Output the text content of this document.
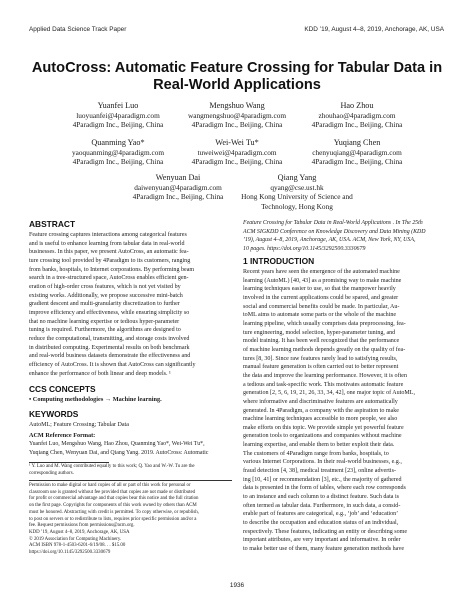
Applied Data Science Track Paper	KDD ’19, August 4–8, 2019, Anchorage, AK, USA
AutoCross: Automatic Feature Crossing for Tabular Data in
Real-World Applications
Yuanfei Luo
luoyuanfei@4paradigm.com
4Paradigm Inc., Beijing, China
Mengshuo Wang
wangmengshuo@4paradigm.com
4Paradigm Inc., Beijing, China
Hao Zhou
zhouhao@4paradigm.com
4Paradigm Inc., Beijing, China
Quanming Yao*
yaoquanming@4paradigm.com
4Paradigm Inc., Beijing, China
Wei-Wei Tu*
tuweiwei@4paradigm.com
4Paradigm Inc., Beijing, China
Yuqiang Chen
chenyuqiang@4paradigm.com
4Paradigm Inc., Beijing, China
Wenyuan Dai
daiwenyuan@4paradigm.com
4Paradigm Inc., Beijing, China
Qiang Yang
qyang@cse.ust.hk
Hong Kong University of Science and
Technology, Hong Kong
ABSTRACT
Feature crossing captures interactions among categorical features
and is useful to enhance learning from tabular data in real-world
businesses. In this paper, we present AutoCross, an automatic fea-
ture crossing tool provided by 4Paradigm to its customers, ranging
from banks, hospitals, to Internet corporations. By performing beam
search in a tree-structured space, AutoCross enables efficient gen-
eration of high-order cross features, which is not yet visited by
existing works. Additionally, we propose successive mini-batch
gradient descent and multi-granularity discretization to further
improve efficiency and effectiveness, while ensuring simplicity so
that no machine learning expertise or tedious hyper-parameter
tuning is required. Furthermore, the algorithms are designed to
reduce the computational, transmitting, and storage costs involved
in distributed computing. Experimental results on both benchmark
and real-world business datasets demonstrate the effectiveness and
efficiency of AutoCross. It is shown that AutoCross can significantly
enhance the performance of both linear and deep models. ¹
CCS CONCEPTS
• Computing methodologies → Machine learning.
KEYWORDS
AutoML; Feature Crossing; Tabular Data
ACM Reference Format:
Yuanfei Luo, Mengshuo Wang, Hao Zhou, Quanming Yao*, Wei-Wei Tu*,
Yuqiang Chen, Wenyuan Dai, and Qiang Yang. 2019. AutoCross: Automatic
¹ Y. Luo and M. Wang contributed equally to this work; Q. Yao and W.-W. Tu are the
corresponding authors.
Permission to make digital or hard copies of all or part of this work for personal or
classroom use is granted without fee provided that copies are not made or distributed
for profit or commercial advantage and that copies bear this notice and the full citation
on the first page. Copyrights for components of this work owned by others than ACM
must be honored. Abstracting with credit is permitted. To copy otherwise, or republish,
to post on servers or to redistribute to lists, requires prior specific permission and/or a
fee. Request permissions from permissions@acm.org.
KDD ’19, August 4–8, 2019, Anchorage, AK, USA
© 2019 Association for Computing Machinery.
ACM ISBN 978-1-4503-6201-6/19/08. . . $15.00
https://doi.org/10.1145/3292500.3330679
Feature Crossing for Tabular Data in Real-World Applications . In The 25th
ACM SIGKDD Conference on Knowledge Discovery and Data Mining (KDD
’19), August 4–8, 2019, Anchorage, AK, USA. ACM, New York, NY, USA,
10 pages. https://doi.org/10.1145/3292500.3330679
1 INTRODUCTION
Recent years have seen the emergence of the automated machine
learning (AutoML) [40, 43] as a promising way to make machine
learning techniques easier to use, so that the manpower heavily
involved in the current applications could be spared, and greater
social and commercial benefits could be made. In particular, Au-
toML aims to automate some parts or the whole of the machine
learning pipeline, which usually comprises data preprocessing, fea-
ture engineering, model selection, hyper-parameter tuning, and
model training. It has been well recognized that the performance
of machine learning methods depends greatly on the quality of fea-
tures [8, 30]. Since raw features rarely lead to satisfying results,
manual feature generation is often carried out to better represent
the data and improve the learning performance. However, it is often
a tedious and task-specific work. This motivates automatic feature
generation [2, 5, 6, 19, 21, 26, 33, 34, 42], one major topic of AutoML,
where informative and discriminative features are automatically
generated. In 4Paradigm, a company with the aspiration to make
machine learning techniques accessible to more people, we also
make efforts on this topic. We provide simple yet powerful feature
generation tools to organizations and companies without machine
learning expertise, and enable them to better exploit their data.
The customers of 4Paradigm range from banks, hospitals, to
various Internet Corporations. In their real-world businesses, e.g.,
fraud detection [4, 38], medical treatment [23], online advertis-
ing [10, 41] or recommendation [3], etc., the majority of gathered
data is presented in the form of tables, where each row corresponds
to an instance and each column to a distinct feature. Such data is
often termed as tabular data. Furthermore, in such data, a consid-
erable part of features are categorical, e.g., ‘job’ and ‘education’
to describe the occupation and education status of an individual,
respectively. These features, indicating an entity or describing some
important attributes, are very important and informative. In order
to make better use of them, many feature generation methods have
1936
